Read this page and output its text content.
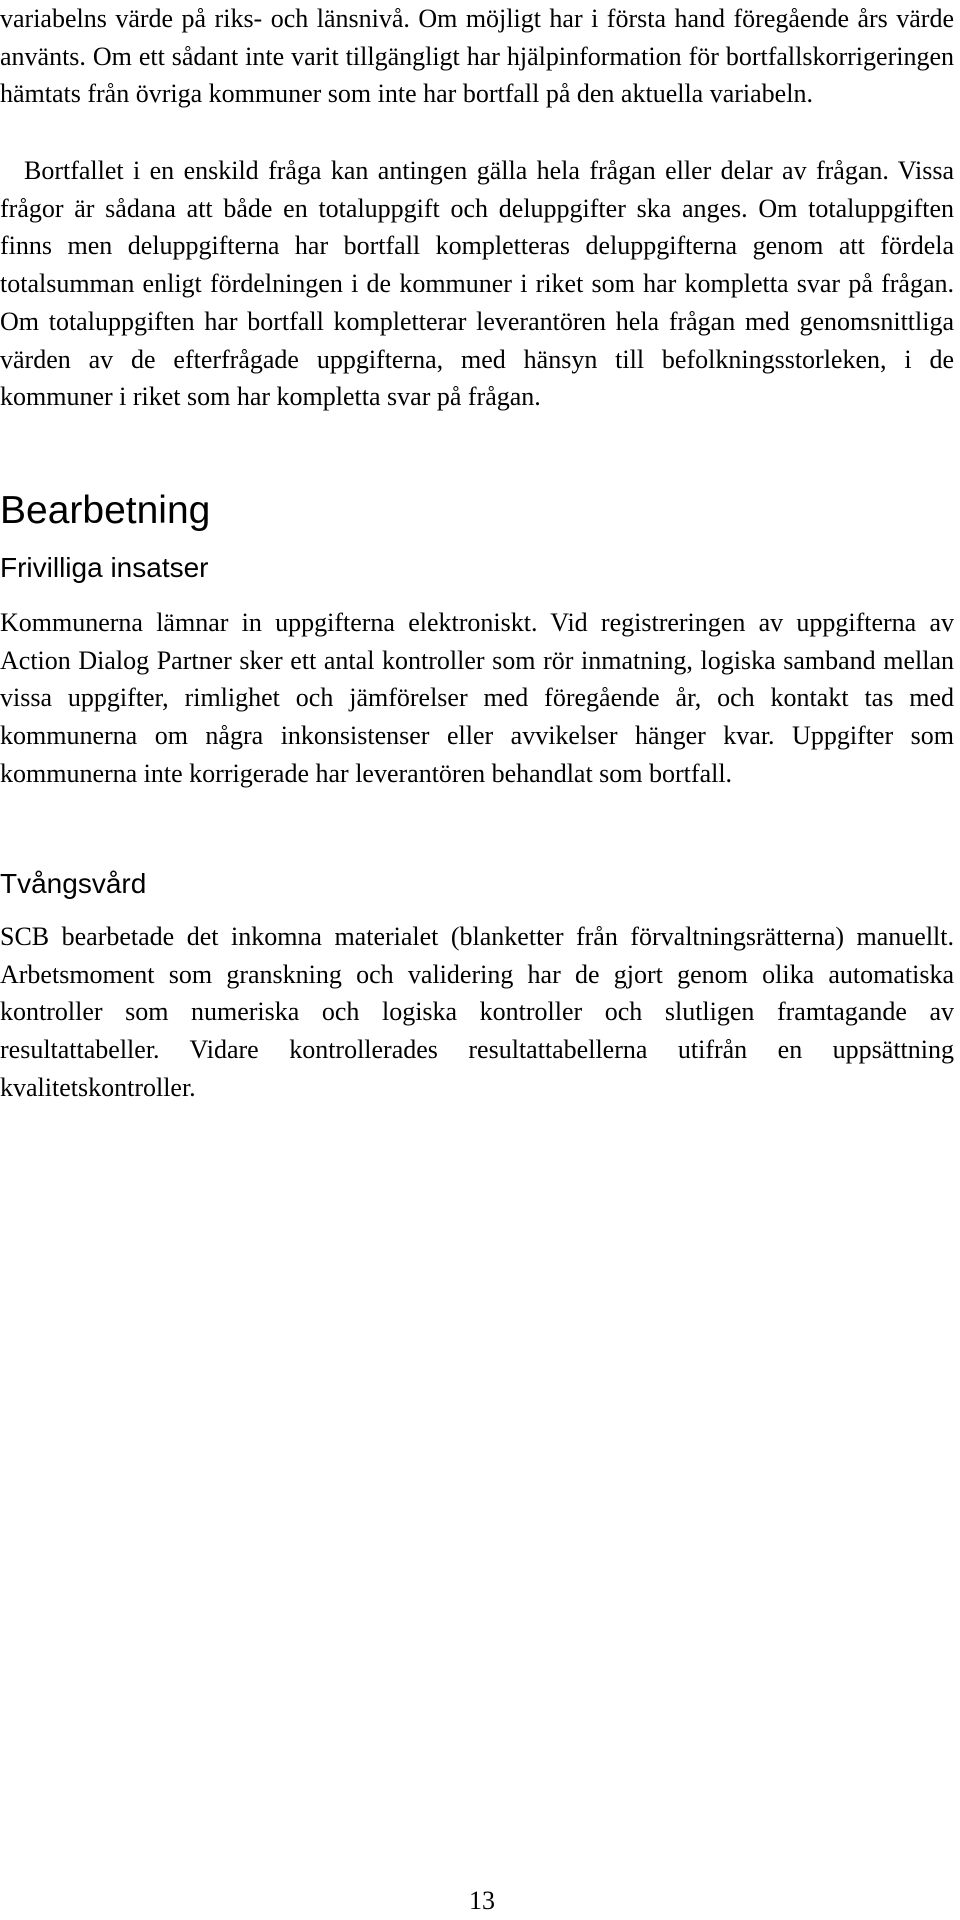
variabelns värde på riks- och länsnivå. Om möjligt har i första hand föregående års värde använts. Om ett sådant inte varit tillgängligt har hjälpinformation för bortfallskorrigeringen hämtats från övriga kommuner som inte har bortfall på den aktuella variabeln.

Bortfallet i en enskild fråga kan antingen gälla hela frågan eller delar av frågan. Vissa frågor är sådana att både en totaluppgift och deluppgifter ska anges. Om totaluppgiften finns men deluppgifterna har bortfall kompletteras deluppgifterna genom att fördela totalsumman enligt fördelningen i de kommuner i riket som har kompletta svar på frågan. Om totaluppgiften har bortfall kompletterar leverantören hela frågan med genomsnittliga värden av de efterfrågade uppgifterna, med hänsyn till befolkningsstorleken, i de kommuner i riket som har kompletta svar på frågan.

Bearbetning
Frivilliga insatser

Kommunerna lämnar in uppgifterna elektroniskt. Vid registreringen av uppgifterna av Action Dialog Partner sker ett antal kontroller som rör inmatning, logiska samband mellan vissa uppgifter, rimlighet och jämförelser med föregående år, och kontakt tas med kommunerna om några inkonsistenser eller avvikelser hänger kvar. Uppgifter som kommunerna inte korrigerade har leverantören behandlat som bortfall.

Tvångsvård

SCB bearbetade det inkomna materialet (blanketter från förvaltningsrätterna) manuellt. Arbetsmoment som granskning och validering har de gjort genom olika automatiska kontroller som numeriska och logiska kontroller och slutligen framtagande av resultattabeller. Vidare kontrollerades resultattabellerna utifrån en uppsättning kvalitetskontroller.

13
